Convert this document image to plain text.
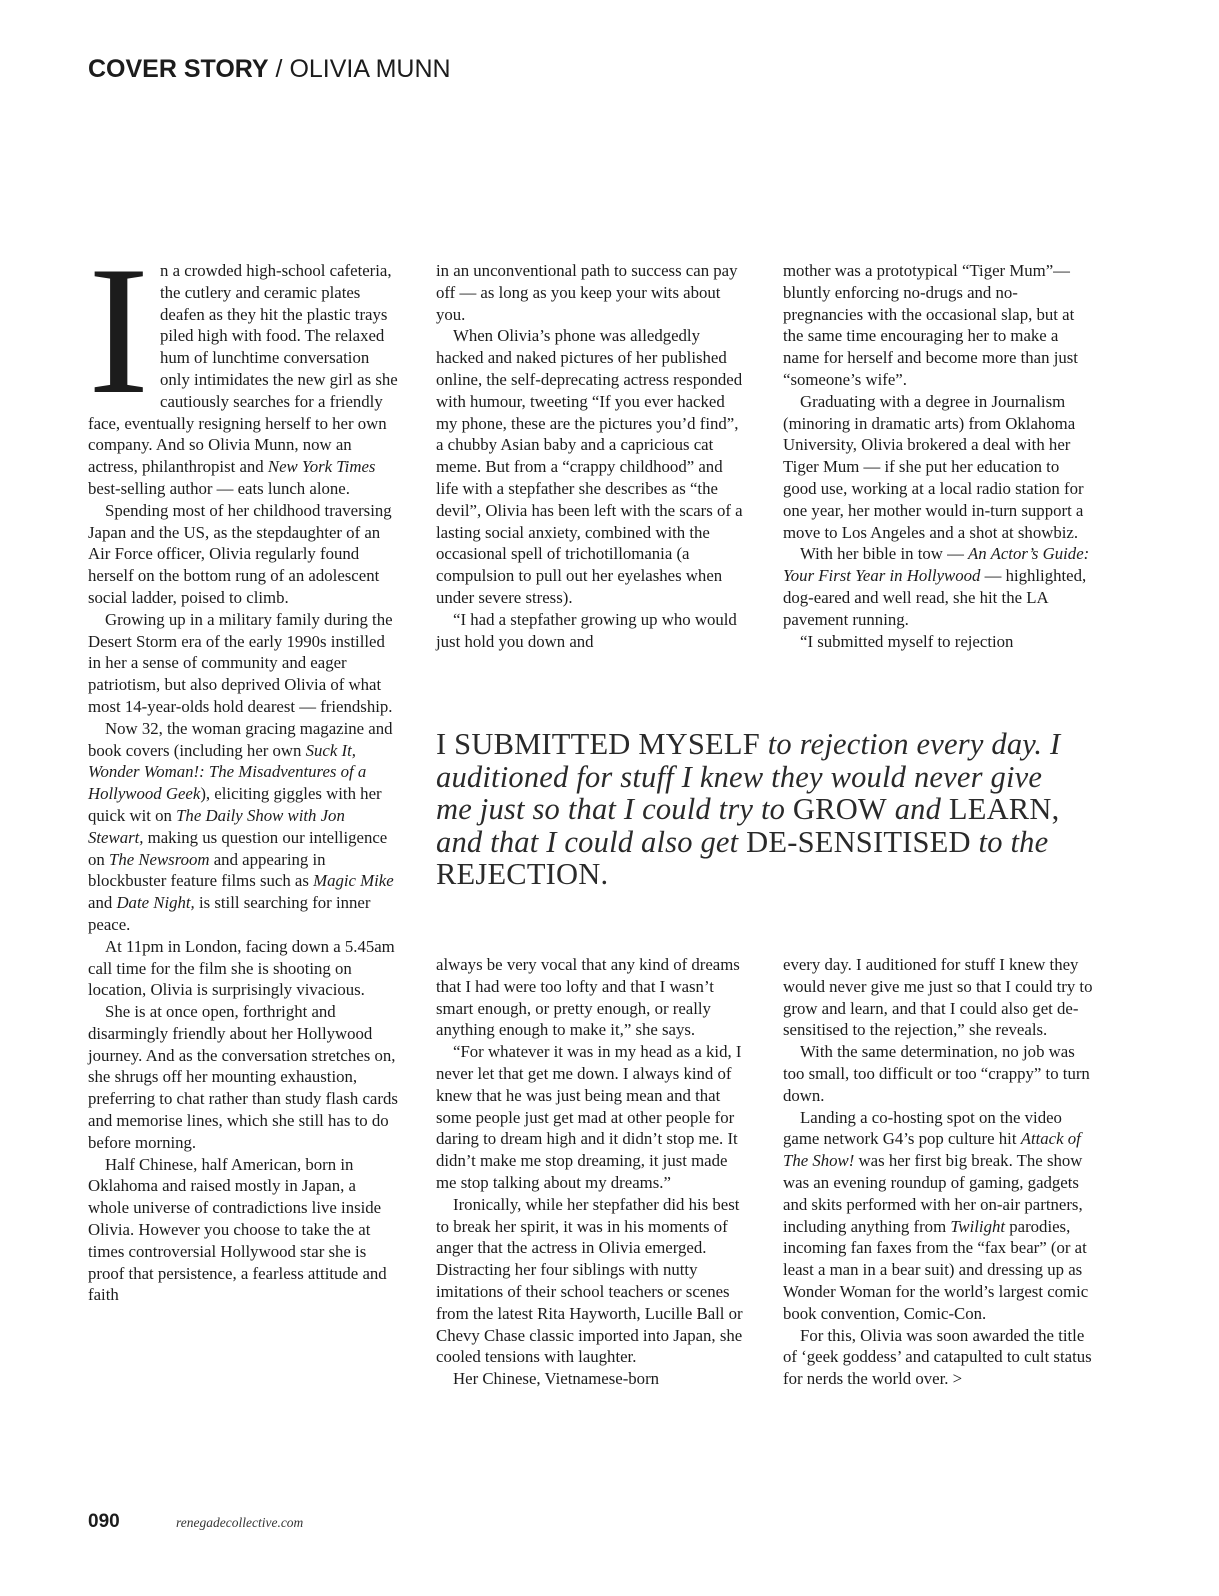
COVER STORY / OLIVIA MUNN

In a crowded high-school cafeteria, the cutlery and ceramic plates deafen as they hit the plastic trays piled high with food. The relaxed hum of lunchtime conversation only intimidates the new girl as she cautiously searches for a friendly face, eventually resigning herself to her own company. And so Olivia Munn, now an actress, philanthropist and New York Times best-selling author — eats lunch alone.

Spending most of her childhood traversing Japan and the US, as the stepdaughter of an Air Force officer, Olivia regularly found herself on the bottom rung of an adolescent social ladder, poised to climb.

Growing up in a military family during the Desert Storm era of the early 1990s instilled in her a sense of community and eager patriotism, but also deprived Olivia of what most 14-year-olds hold dearest — friendship.

Now 32, the woman gracing magazine and book covers (including her own Suck It, Wonder Woman!: The Misadventures of a Hollywood Geek), eliciting giggles with her quick wit on The Daily Show with Jon Stewart, making us question our intelligence on The Newsroom and appearing in blockbuster feature films such as Magic Mike and Date Night, is still searching for inner peace.

At 11pm in London, facing down a 5.45am call time for the film she is shooting on location, Olivia is surprisingly vivacious.

She is at once open, forthright and disarmingly friendly about her Hollywood journey. And as the conversation stretches on, she shrugs off her mounting exhaustion, preferring to chat rather than study flash cards and memorise lines, which she still has to do before morning.

Half Chinese, half American, born in Oklahoma and raised mostly in Japan, a whole universe of contradictions live inside Olivia. However you choose to take the at times controversial Hollywood star she is proof that persistence, a fearless attitude and faith

in an unconventional path to success can pay off — as long as you keep your wits about you.

When Olivia’s phone was alledgedly hacked and naked pictures of her published online, the self-deprecating actress responded with humour, tweeting “If you ever hacked my phone, these are the pictures you’d find”, a chubby Asian baby and a capricious cat meme. But from a “crappy childhood” and life with a stepfather she describes as “the devil”, Olivia has been left with the scars of a lasting social anxiety, combined with the occasional spell of trichotillomania (a compulsion to pull out her eyelashes when under severe stress).

“I had a stepfather growing up who would just hold you down and

mother was a prototypical “Tiger Mum”— bluntly enforcing no-drugs and no-pregnancies with the occasional slap, but at the same time encouraging her to make a name for herself and become more than just “someone’s wife”.

Graduating with a degree in Journalism (minoring in dramatic arts) from Oklahoma University, Olivia brokered a deal with her Tiger Mum — if she put her education to good use, working at a local radio station for one year, her mother would in-turn support a move to Los Angeles and a shot at showbiz.

With her bible in tow — An Actor’s Guide: Your First Year in Hollywood — highlighted, dog-eared and well read, she hit the LA pavement running.

“I submitted myself to rejection

I SUBMITTED MYSELF to rejection every day. I auditioned for stuff I knew they would never give me just so that I could try to GROW and LEARN, and that I could also get DE-SENSITISED to the REJECTION.

always be very vocal that any kind of dreams that I had were too lofty and that I wasn’t smart enough, or pretty enough, or really anything enough to make it,” she says.

“For whatever it was in my head as a kid, I never let that get me down. I always kind of knew that he was just being mean and that some people just get mad at other people for daring to dream high and it didn’t stop me. It didn’t make me stop dreaming, it just made me stop talking about my dreams.”

Ironically, while her stepfather did his best to break her spirit, it was in his moments of anger that the actress in Olivia emerged. Distracting her four siblings with nutty imitations of their school teachers or scenes from the latest Rita Hayworth, Lucille Ball or Chevy Chase classic imported into Japan, she cooled tensions with laughter.

Her Chinese, Vietnamese-born

every day. I auditioned for stuff I knew they would never give me just so that I could try to grow and learn, and that I could also get de-sensitised to the rejection,” she reveals.

With the same determination, no job was too small, too difficult or too “crappy” to turn down.

Landing a co-hosting spot on the video game network G4’s pop culture hit Attack of The Show! was her first big break. The show was an evening roundup of gaming, gadgets and skits performed with her on-air partners, including anything from Twilight parodies, incoming fan faxes from the “fax bear” (or at least a man in a bear suit) and dressing up as Wonder Woman for the world’s largest comic book convention, Comic-Con.

For this, Olivia was soon awarded the title of ‘geek goddess’ and catapulted to cult status for nerds the world over. >

090	renegadecollective.com
